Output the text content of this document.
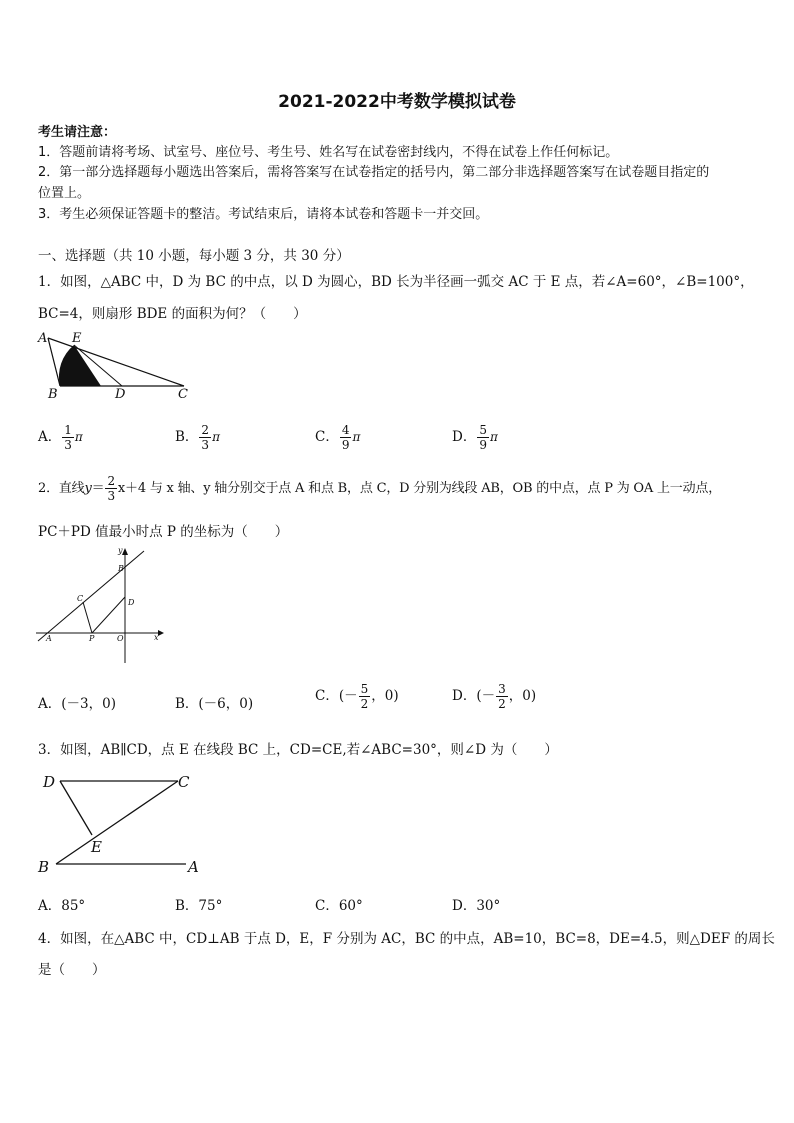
2021-2022中考数学模拟试卷
考生请注意：
1．答题前请将考场、试室号、座位号、考生号、姓名写在试卷密封线内，不得在试卷上作任何标记。
2．第一部分选择题每小题选出答案后，需将答案写在试卷指定的括号内，第二部分非选择题答案写在试卷题目指定的
位置上。
3．考生必须保证答题卡的整洁。考试结束后，请将本试卷和答题卡一并交回。
一、选择题（共 10 小题，每小题 3 分，共 30 分）
1．如图，△ABC 中，D 为 BC 的中点，以 D 为圆心，BD 长为半径画一弧交 AC 于 E 点，若∠A=60°，∠B=100°，
BC=4，则扇形 BDE 的面积为何？（　　）
A E
B	D	C
A． $\frac{1}{3}$ π	B． $\frac{2}{3}$ π	C． $\frac{4}{9}$ π	D． $\frac{5}{9}$ π
2．直线$y= \frac{2}{3} x+4$ 与 x 轴、y 轴分别交于点 A 和点 B，点 C，D 分别为线段 AB，OB 的中点，点 P 为 OA 上一动点，
PC＋PD 值最小时点 P 的坐标为（　　）
y
B
C	D
A	P	O	x
A．(－3，0)	B．(－6，0)	C．(－ $\frac{5}{2}$ ，0)	D．(－ $\frac{3}{2}$ ，0)
3．如图，AB∥CD，点 E 在线段 BC 上，CD=CE,若∠ABC=30°，则∠D 为（　　）
D	C
E
B	A
A．85°	B．75°	C．60°	D．30°
4．如图，在△ABC 中，CD⊥AB 于点 D，E，F 分别为 AC，BC 的中点，AB=10，BC=8，DE=4.5，则△DEF 的周长
是（　　）
